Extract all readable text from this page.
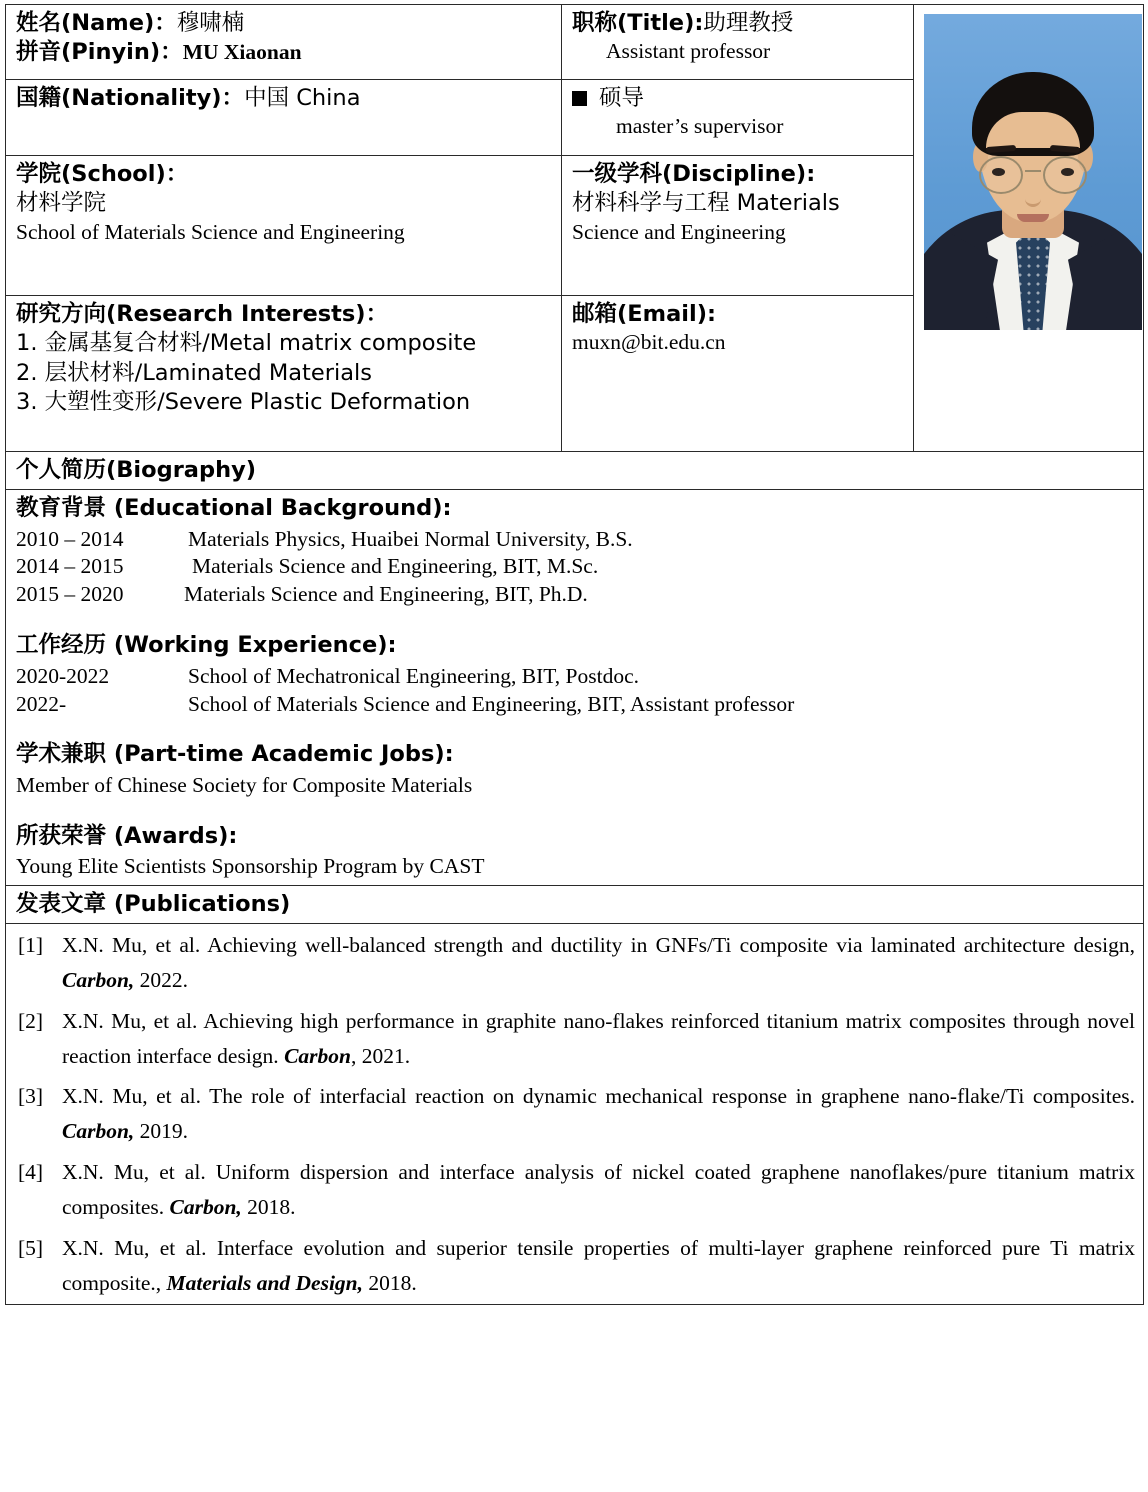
姓名(Name)：穆啸楠
拼音(Pinyin)：MU Xiaonan

职称(Title):助理教授
Assistant professor

国籍(Nationality)：中国 China	硕导
master’s supervisor	

学院(School)：
材料学院
School of Materials Science and Engineering

一级学科(Discipline):
材料科学与工程 Materials
Science and Engineering

研究方向(Research Interests)：
1. 金属基复合材料/Metal matrix composite
2. 层状材料/Laminated Materials
3. 大塑性变形/Severe Plastic Deformation

邮箱(Email):
muxn@bit.edu.cn

个人简历(Biography)		

教育背景 (Educational Background):
2010 – 2014	Materials Physics, Huaibei Normal University, B.S.
2014 – 2015	Materials Science and Engineering, BIT, M.Sc.
2015 – 2020	Materials Science and Engineering, BIT, Ph.D.
工作经历 (Working Experience):
2020-2022	School of Mechatronical Engineering, BIT, Postdoc.
2022-	School of Materials Science and Engineering, BIT, Assistant professor
学术兼职 (Part-time Academic Jobs):
Member of Chinese Society for Composite Materials
所获荣誉 (Awards):
Young Elite Scientists Sponsorship Program by CAST

发表文章 (Publications)		

[1] X.N. Mu, et al. Achieving well-balanced strength and ductility in GNFs/Ti composite via laminated architecture design, Carbon, 2022.
[2] X.N. Mu, et al. Achieving high performance in graphite nano-flakes reinforced titanium matrix composites through novel reaction interface design. Carbon, 2021.
[3] X.N. Mu, et al. The role of interfacial reaction on dynamic mechanical response in graphene nano-flake/Ti composites. Carbon, 2019.
[4] X.N. Mu, et al. Uniform dispersion and interface analysis of nickel coated graphene nanoflakes/pure titanium matrix composites. Carbon, 2018.
[5] X.N. Mu, et al. Interface evolution and superior tensile properties of multi-layer graphene reinforced pure Ti matrix composite., Materials and Design, 2018.
